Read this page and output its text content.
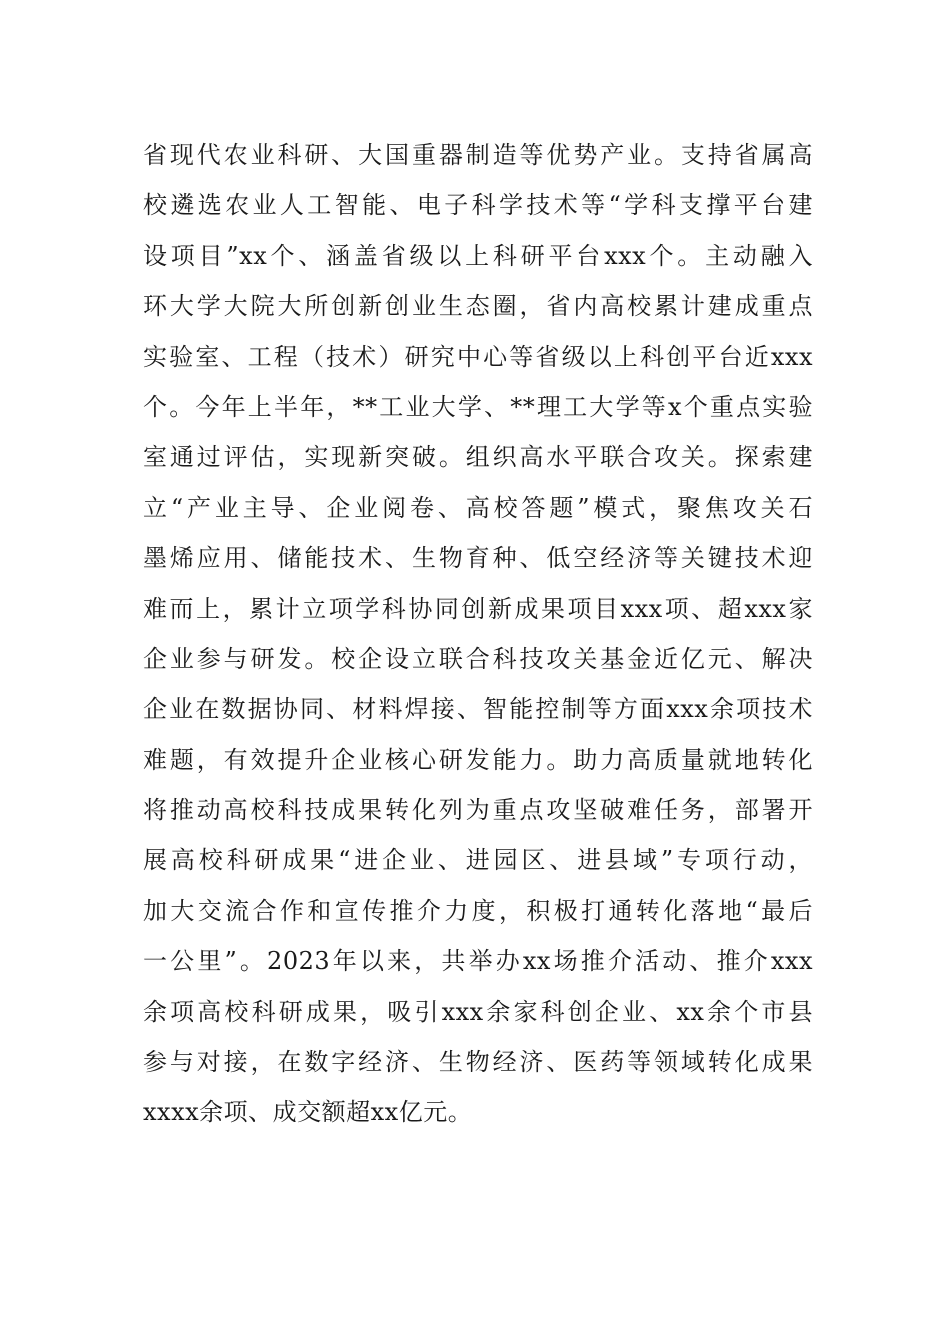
省现代农业科研、大国重器制造等优势产业。支持省属高
校遴选农业人工智能、电子科学技术等“学科支撑平台建
设项目”xx个、涵盖省级以上科研平台xxx个。主动融入
环大学大院大所创新创业生态圈，省内高校累计建成重点
实验室、工程（技术）研究中心等省级以上科创平台近xxx
个。今年上半年，**工业大学、**理工大学等x个重点实验
室通过评估，实现新突破。组织高水平联合攻关。探索建
立“产业主导、企业阅卷、高校答题”模式，聚焦攻关石
墨烯应用、储能技术、生物育种、低空经济等关键技术迎
难而上，累计立项学科协同创新成果项目xxx项、超xxx家
企业参与研发。校企设立联合科技攻关基金近亿元、解决
企业在数据协同、材料焊接、智能控制等方面xxx余项技术
难题，有效提升企业核心研发能力。助力高质量就地转化
将推动高校科技成果转化列为重点攻坚破难任务，部署开
展高校科研成果“进企业、进园区、进县域”专项行动，
加大交流合作和宣传推介力度，积极打通转化落地“最后
一公里”。2023年以来，共举办xx场推介活动、推介xxx
余项高校科研成果，吸引xxx余家科创企业、xx余个市县
参与对接，在数字经济、生物经济、医药等领域转化成果
xxxx余项、成交额超xx亿元。
